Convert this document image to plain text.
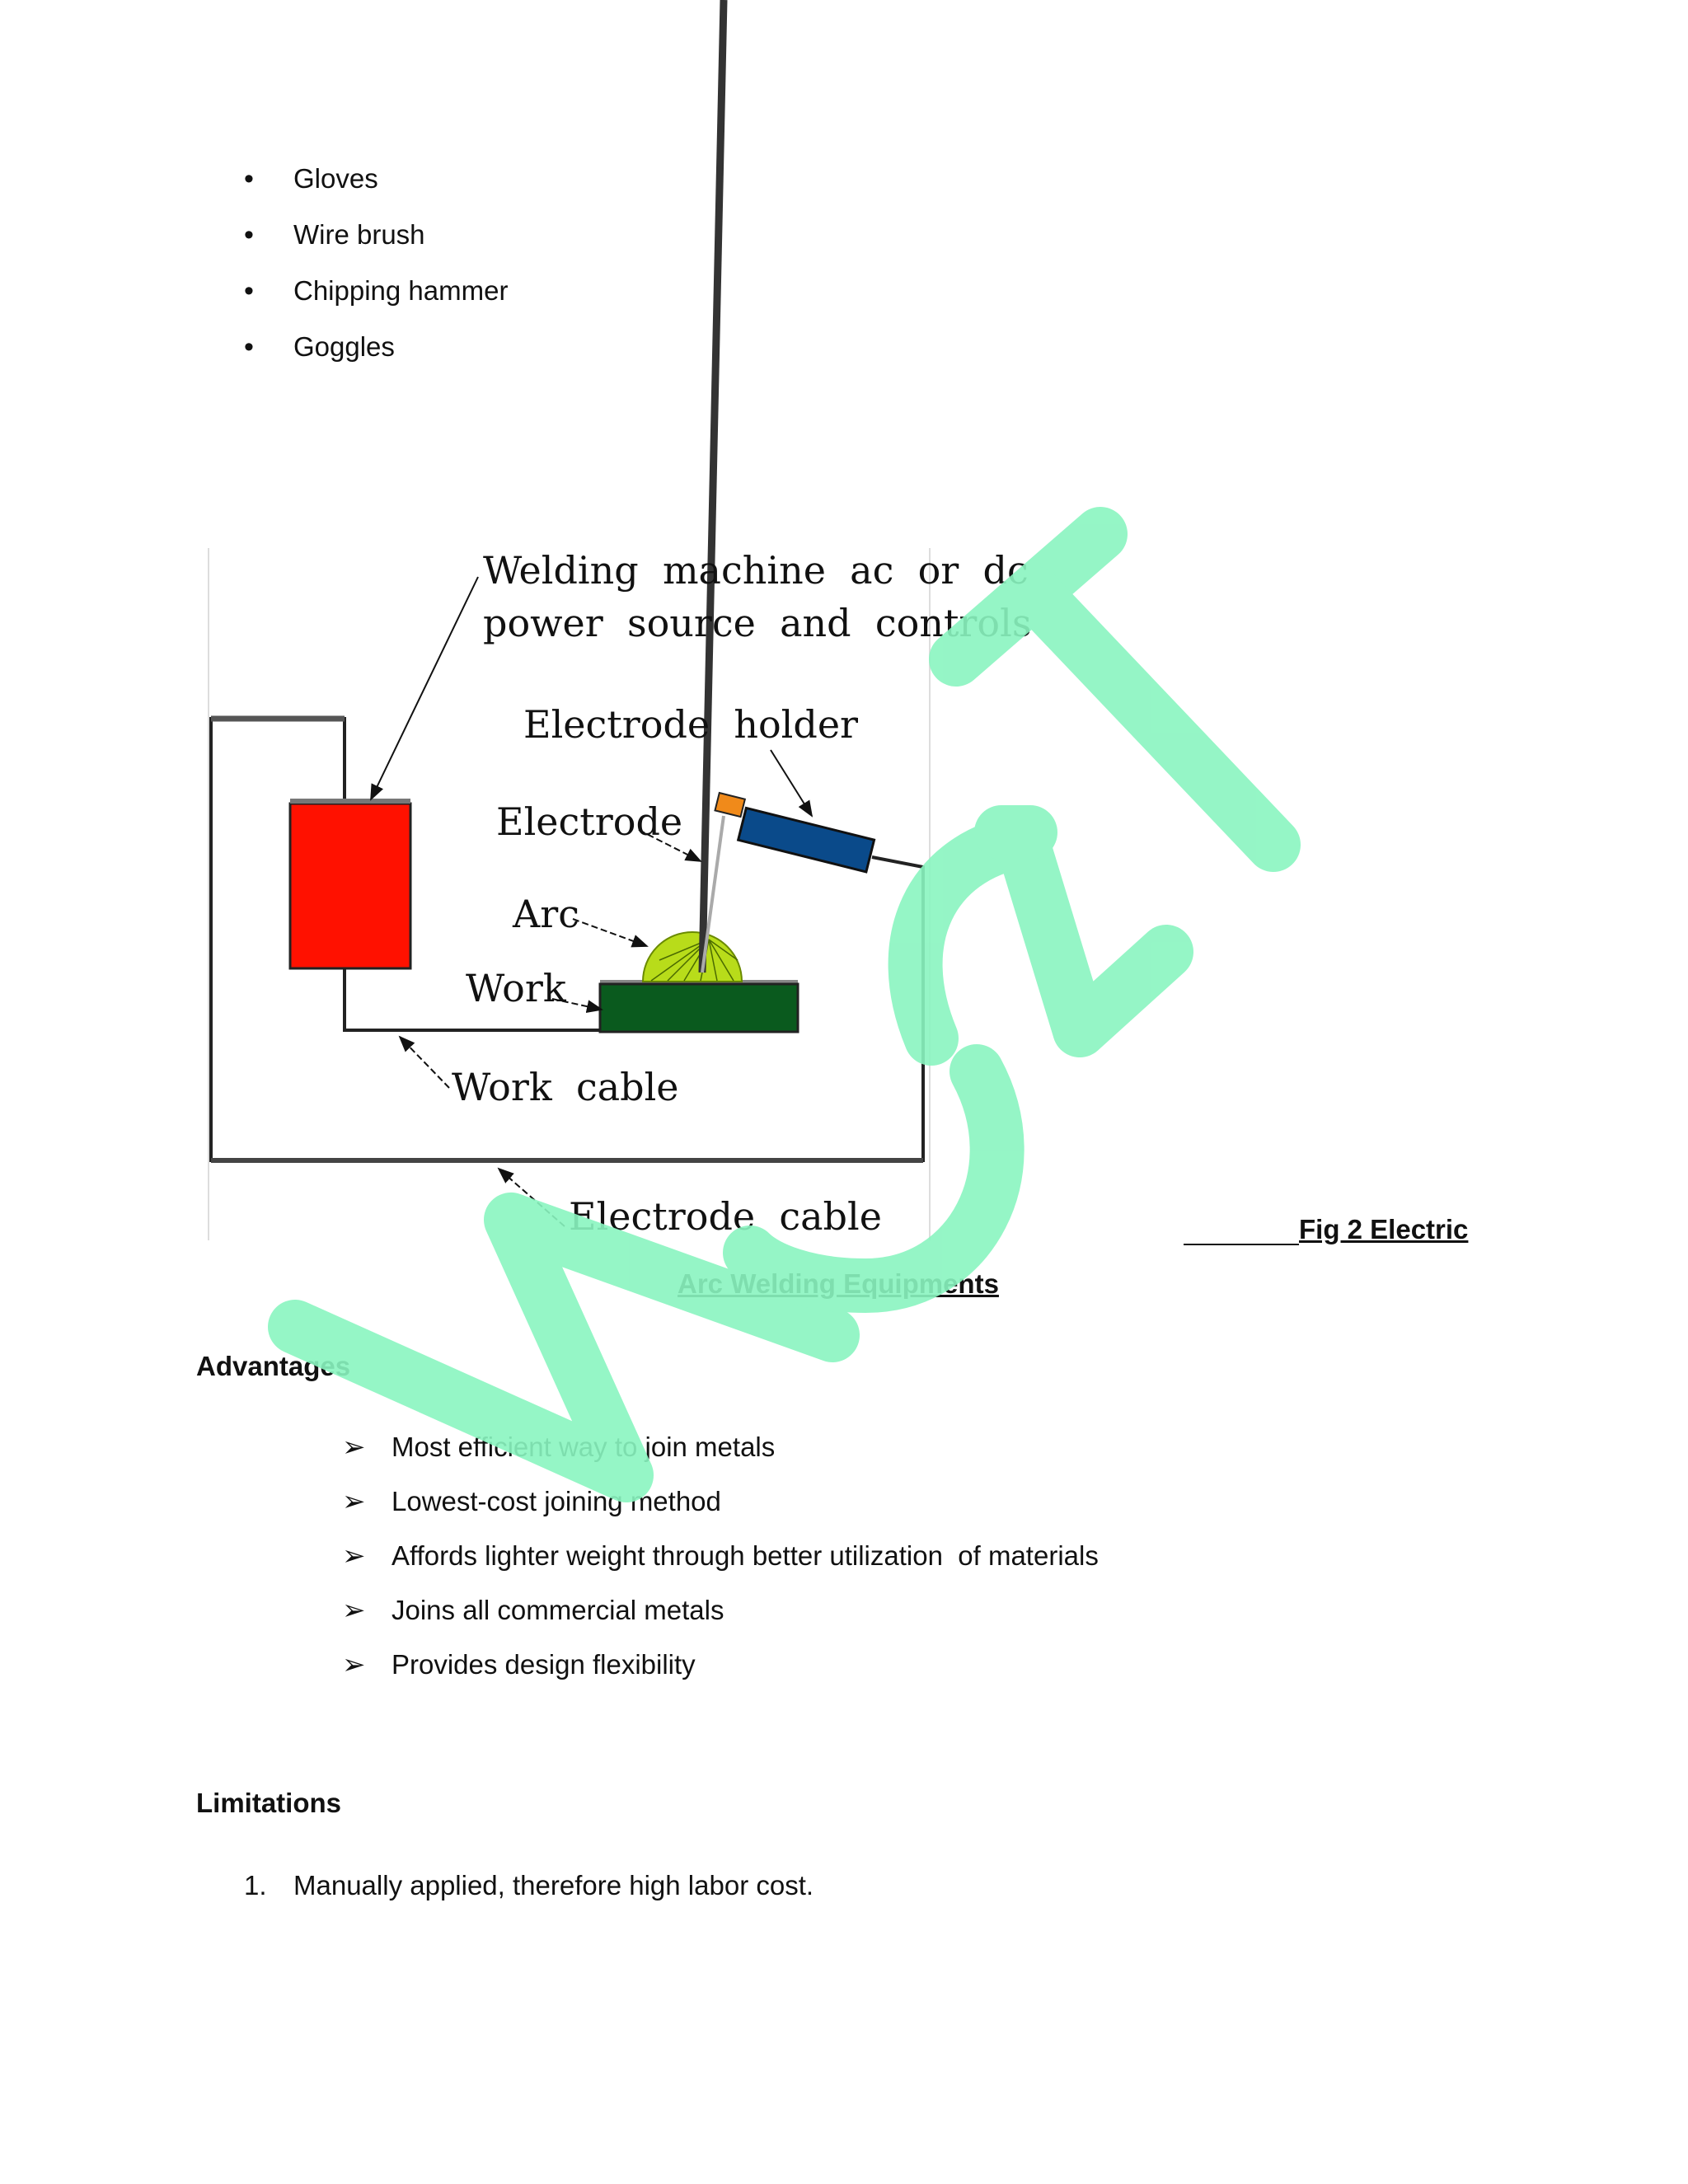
• Gloves
• Wire brush
• Chipping hammer
• Goggles
Welding  machine  ac  or  dc
power  source  and  controls
Electrode  holder
Electrode
Arc
Work
Work  cable
Electrode  cable	Fig 2 Electric
Arc Welding Equipments
Advantages
➢ Most efficient way to join metals
➢ Lowest-cost joining method
➢ Affords lighter weight through better utilization  of materials
➢ Joins all commercial metals
➢ Provides design flexibility
Limitations
1. Manually applied, therefore high labor cost.
